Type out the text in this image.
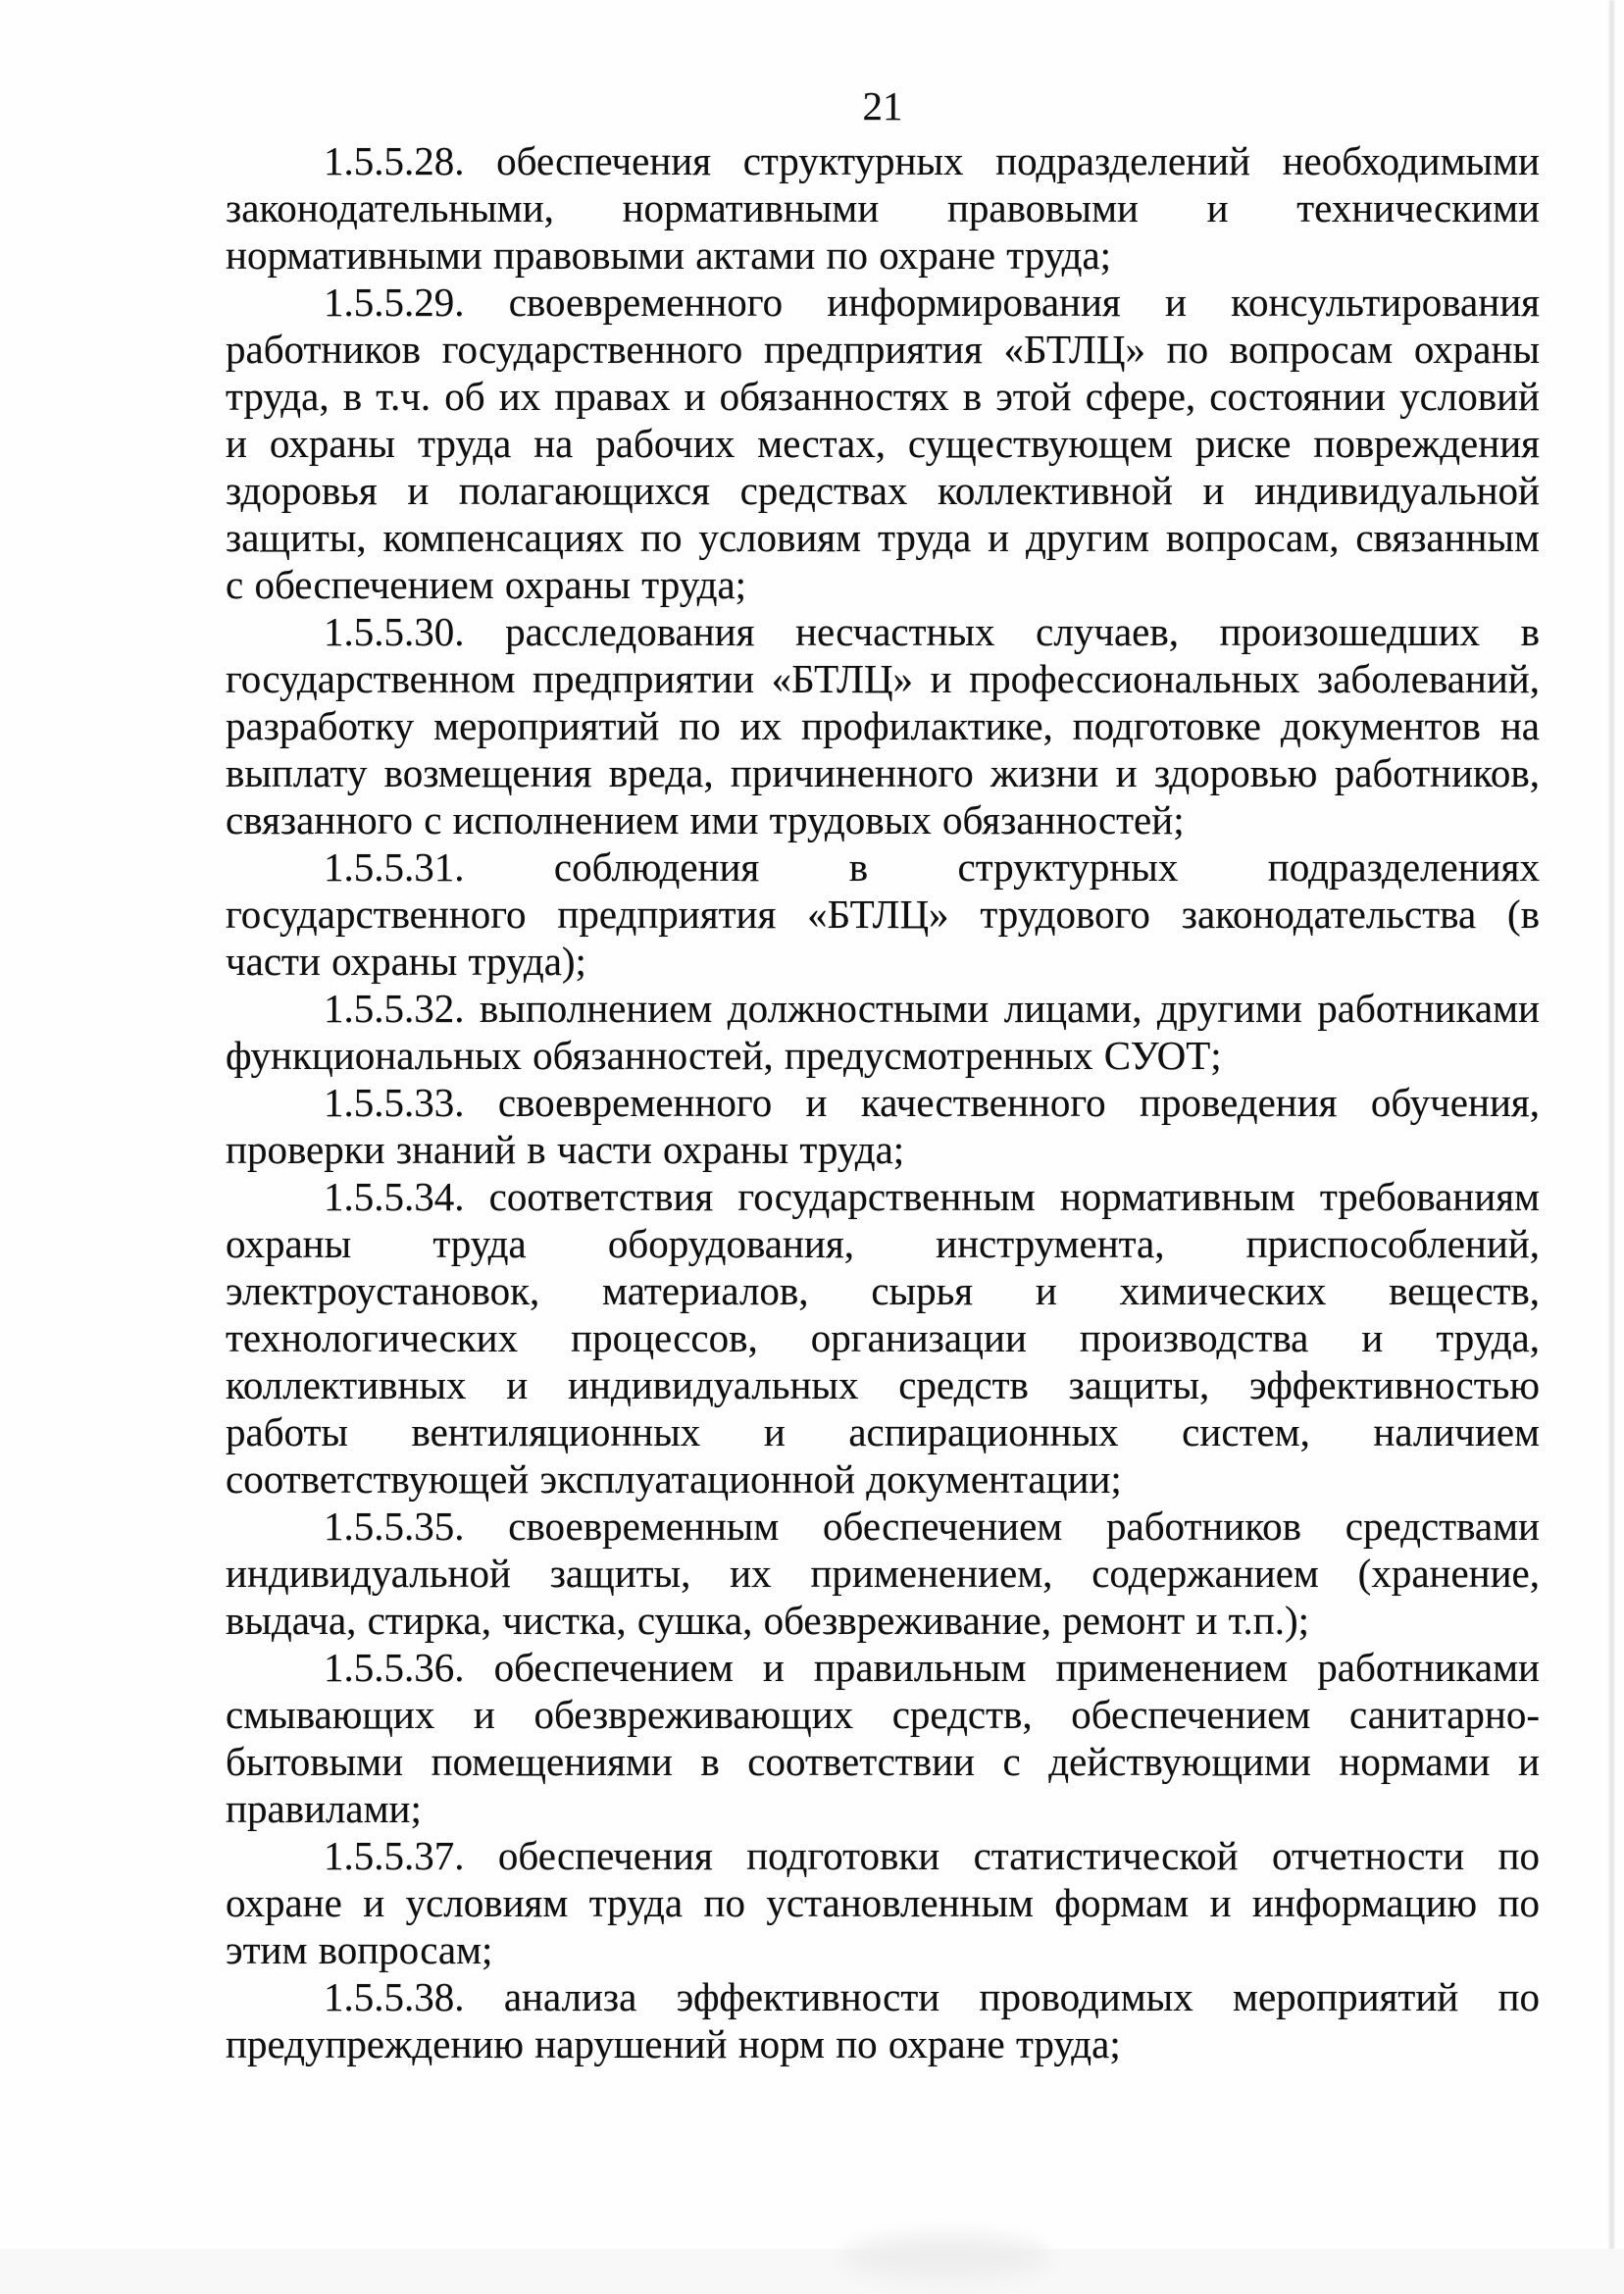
21
1.5.5.28. обеспечения структурных подразделений необходимыми
законодательными, нормативными правовыми и техническими
нормативными правовыми актами по охране труда;
1.5.5.29. своевременного информирования и консультирования
работников государственного предприятия «БТЛЦ» по вопросам охраны
труда, в т.ч. об их правах и обязанностях в этой сфере, состоянии условий
и охраны труда на рабочих местах, существующем риске повреждения
здоровья и полагающихся средствах коллективной и индивидуальной
защиты, компенсациях по условиям труда и другим вопросам, связанным
с обеспечением охраны труда;
1.5.5.30. расследования несчастных случаев, произошедших в
государственном предприятии «БТЛЦ» и профессиональных заболеваний,
разработку мероприятий по их профилактике, подготовке документов на
выплату возмещения вреда, причиненного жизни и здоровью работников,
связанного с исполнением ими трудовых обязанностей;
1.5.5.31. соблюдения в структурных подразделениях
государственного предприятия «БТЛЦ» трудового законодательства (в
части охраны труда);
1.5.5.32. выполнением должностными лицами, другими работниками
функциональных обязанностей, предусмотренных СУОТ;
1.5.5.33. своевременного и качественного проведения обучения,
проверки знаний в части охраны труда;
1.5.5.34. соответствия государственным нормативным требованиям
охраны труда оборудования, инструмента, приспособлений,
электроустановок, материалов, сырья и химических веществ,
технологических процессов, организации производства и труда,
коллективных и индивидуальных средств защиты, эффективностью
работы вентиляционных и аспирационных систем, наличием
соответствующей эксплуатационной документации;
1.5.5.35. своевременным обеспечением работников средствами
индивидуальной защиты, их применением, содержанием (хранение,
выдача, стирка, чистка, сушка, обезвреживание, ремонт и т.п.);
1.5.5.36. обеспечением и правильным применением работниками
смывающих и обезвреживающих средств, обеспечением санитарно-
бытовыми помещениями в соответствии с действующими нормами и
правилами;
1.5.5.37. обеспечения подготовки статистической отчетности по
охране и условиям труда по установленным формам и информацию по
этим вопросам;
1.5.5.38. анализа эффективности проводимых мероприятий по
предупреждению нарушений норм по охране труда;
